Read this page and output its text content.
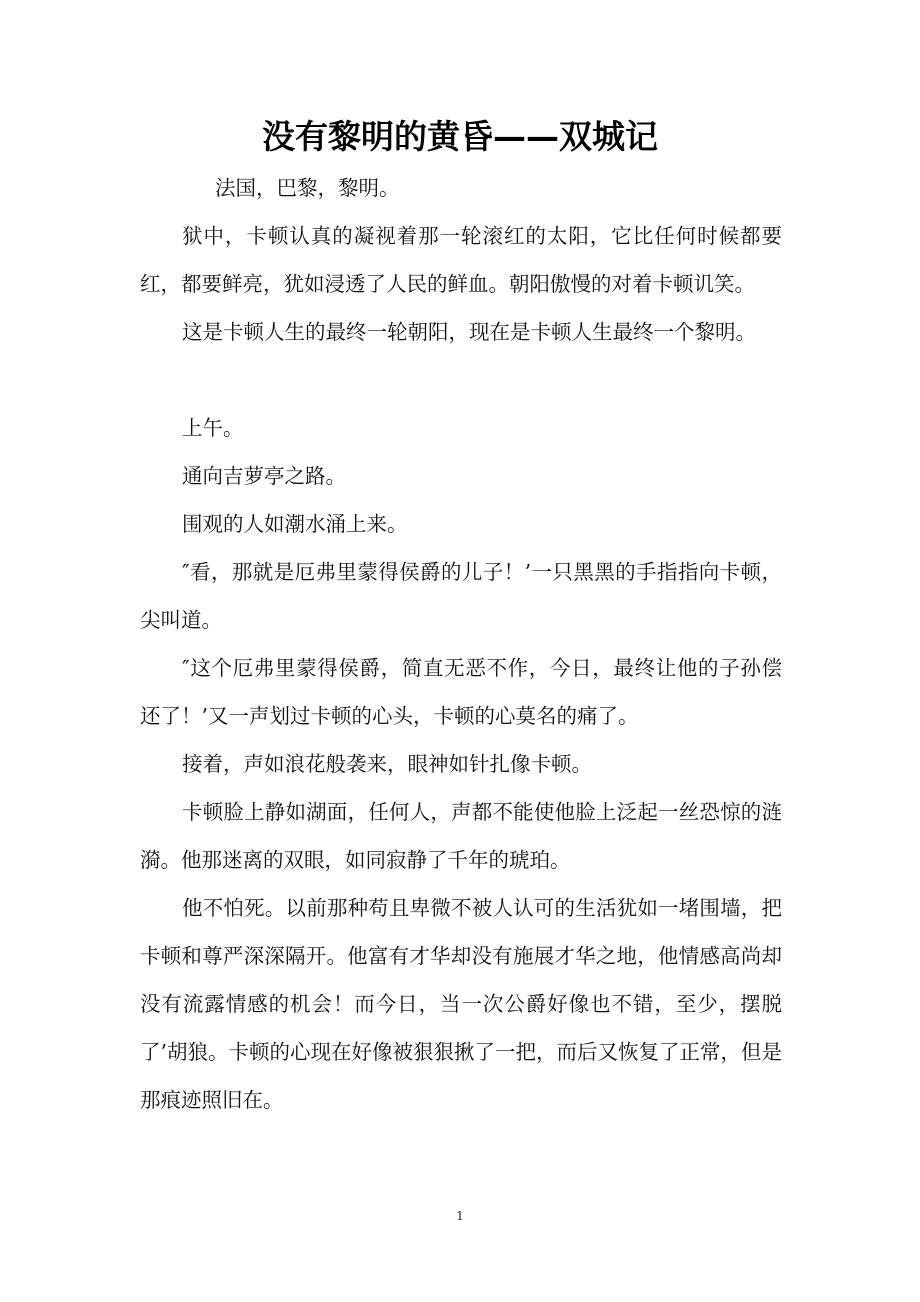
没有黎明的黄昏——双城记

法国，巴黎，黎明。

狱中，卡顿认真的凝视着那一轮滚红的太阳，它比任何时候都要红，都要鲜亮，犹如浸透了人民的鲜血。朝阳傲慢的对着卡顿讥笑。

这是卡顿人生的最终一轮朝阳，现在是卡顿人生最终一个黎明。

上午。

通向吉萝亭之路。

围观的人如潮水涌上来。

″看，那就是厄弗里蒙得侯爵的儿子！’一只黑黑的手指指向卡顿，尖叫道。

″这个厄弗里蒙得侯爵，简直无恶不作，今日，最终让他的子孙偿还了！’又一声划过卡顿的心头，卡顿的心莫名的痛了。

接着，声如浪花般袭来，眼神如针扎像卡顿。

卡顿脸上静如湖面，任何人，声都不能使他脸上泛起一丝恐惊的涟漪。他那迷离的双眼，如同寂静了千年的琥珀。

他不怕死。以前那种苟且卑微不被人认可的生活犹如一堵围墙，把卡顿和尊严深深隔开。他富有才华却没有施展才华之地，他情感高尚却没有流露情感的机会！而今日，当一次公爵好像也不错，至少，摆脱了’胡狼。卡顿的心现在好像被狠狠揪了一把，而后又恢复了正常，但是那痕迹照旧在。

1
